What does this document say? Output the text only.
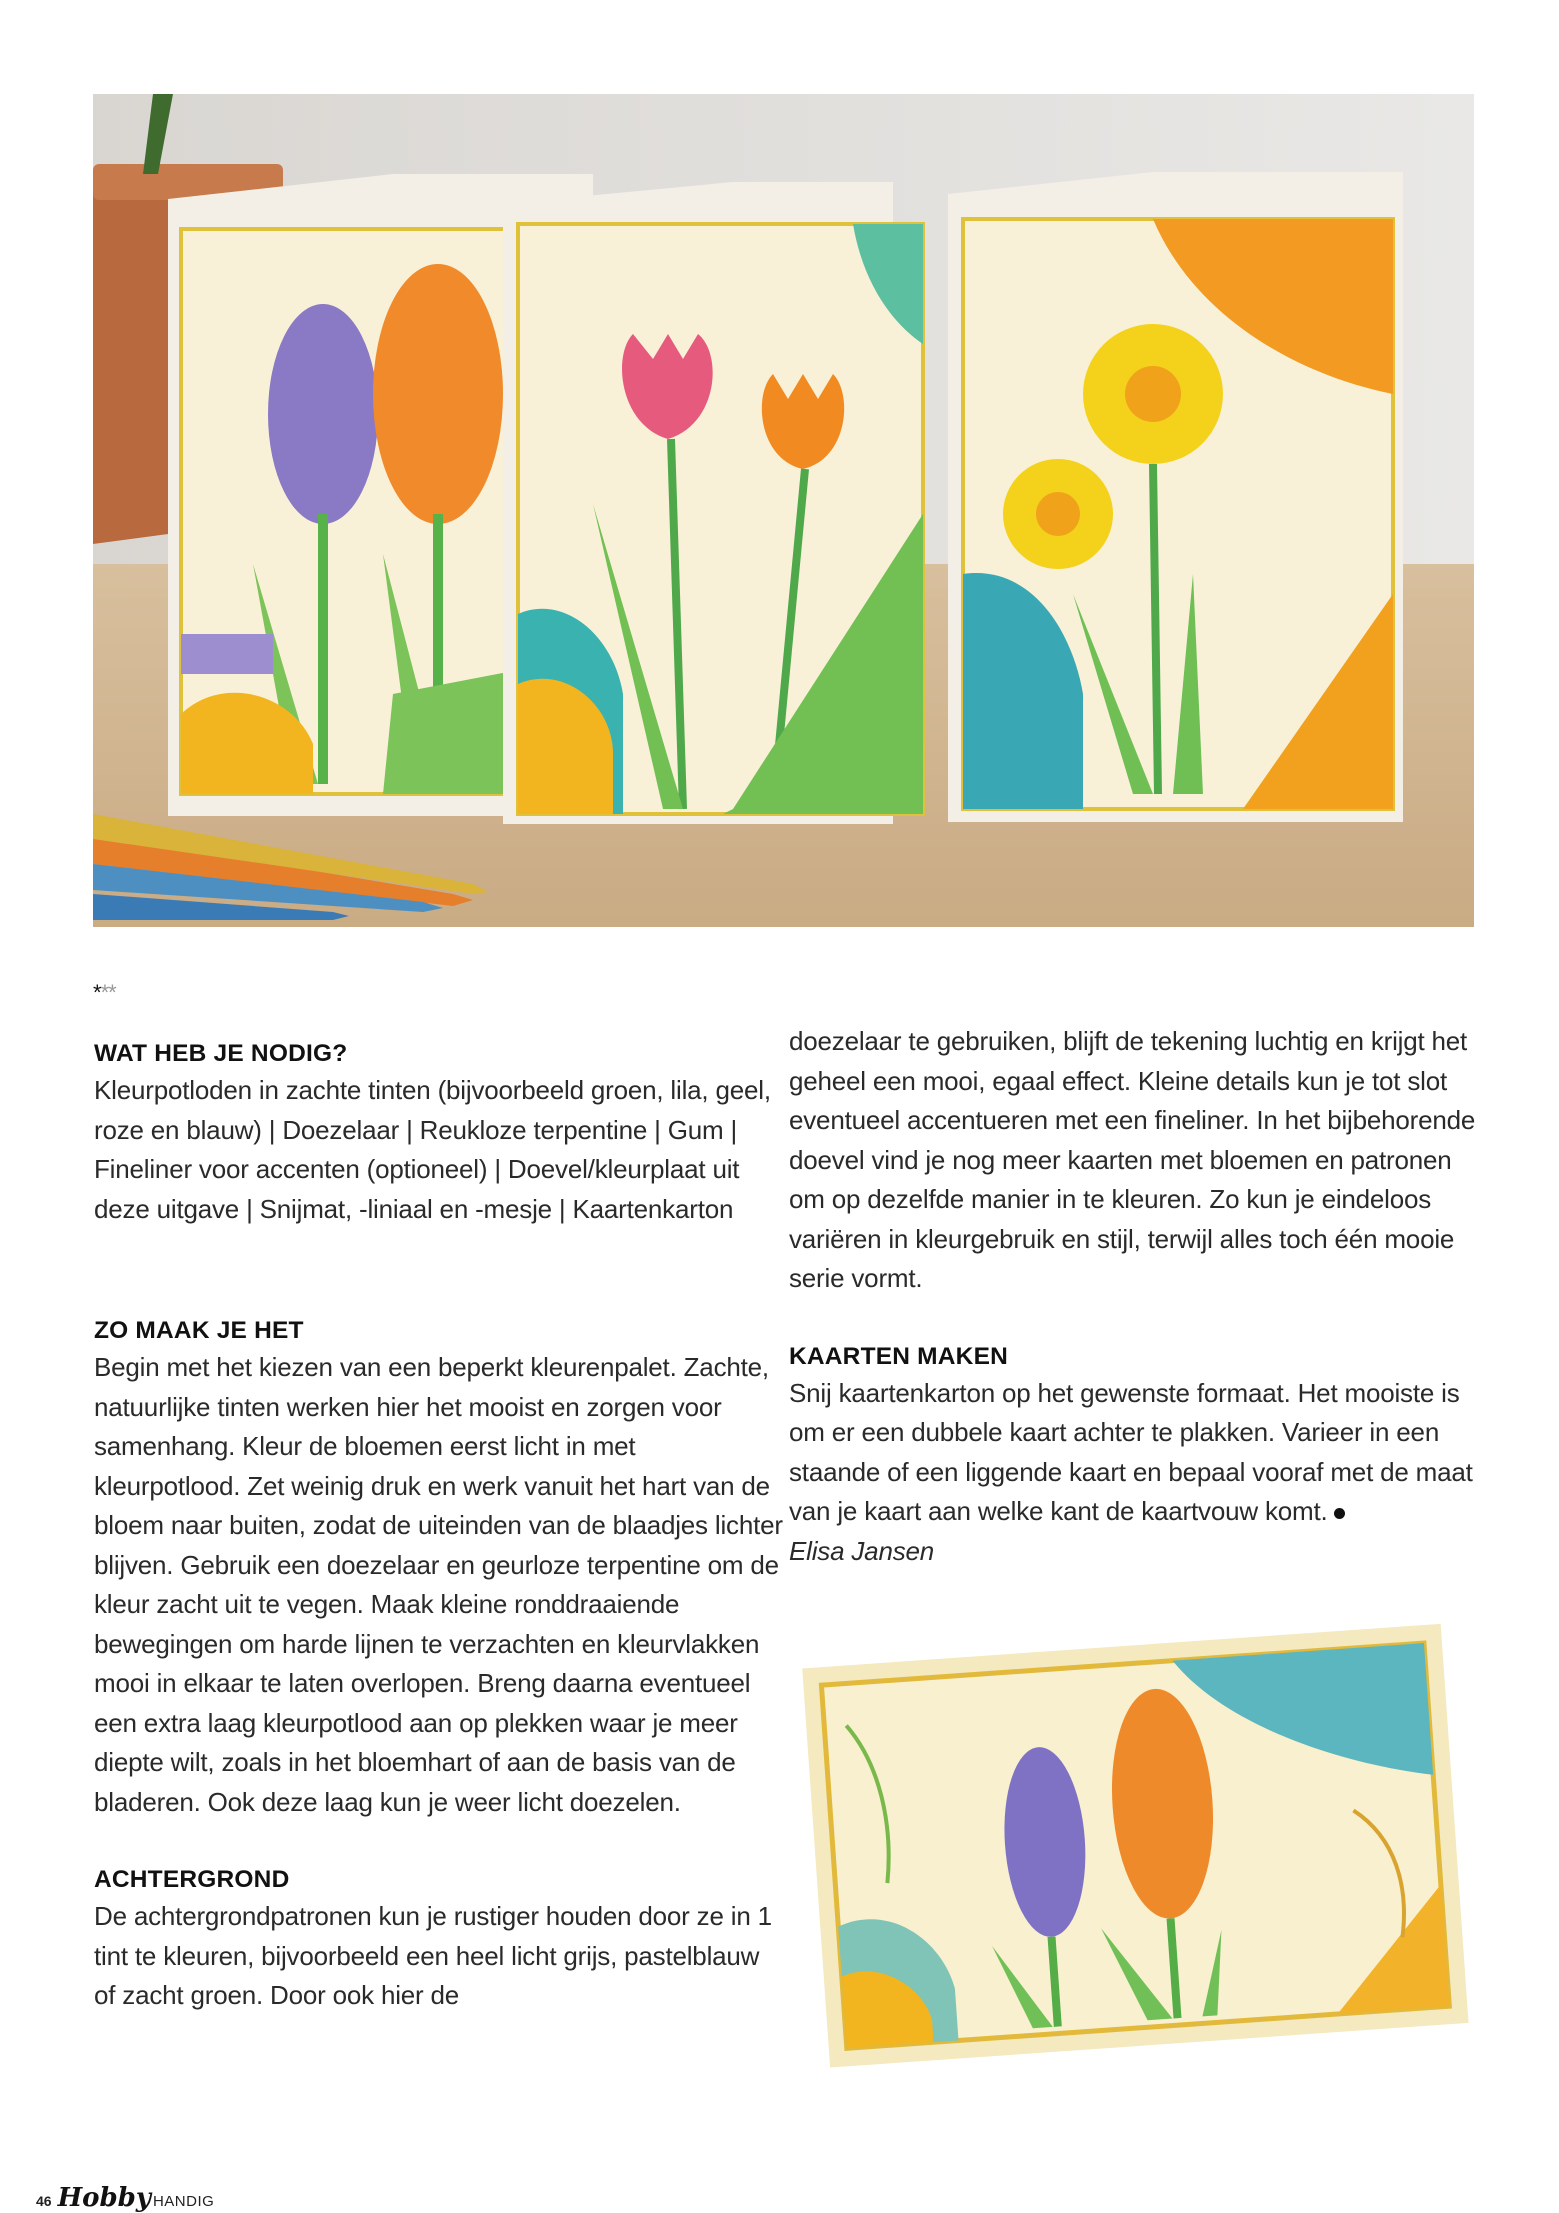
***
WAT HEB JE NODIG?

Kleurpotloden in zachte tinten (bijvoorbeeld groen, lila, geel, roze en blauw) | Doezelaar | Reukloze terpentine | Gum | Fineliner voor accenten (optioneel) | Doevel/kleurplaat uit deze uitgave | Snijmat, -liniaal en -mesje | Kaartenkarton

ZO MAAK JE HET

Begin met het kiezen van een beperkt kleurenpalet. Zachte, natuurlijke tinten werken hier het mooist en zorgen voor samenhang. Kleur de bloemen eerst licht in met kleurpotlood. Zet weinig druk en werk vanuit het hart van de bloem naar buiten, zodat de uiteinden van de blaadjes lichter blijven. Gebruik een doezelaar en geurloze terpentine om de kleur zacht uit te vegen. Maak kleine ronddraaiende bewegingen om harde lijnen te verzachten en kleurvlakken mooi in elkaar te laten overlopen. Breng daarna eventueel een extra laag kleurpotlood aan op plekken waar je meer diepte wilt, zoals in het bloemhart of aan de basis van de bladeren. Ook deze laag kun je weer licht doezelen.

ACHTERGROND

De achtergrondpatronen kun je rustiger houden door ze in 1 tint te kleuren, bijvoorbeeld een heel licht grijs, pastelblauw of zacht groen. Door ook hier de

doezelaar te gebruiken, blijft de tekening luchtig en krijgt het geheel een mooi, egaal effect. Kleine details kun je tot slot eventueel accentueren met een fineliner. In het bijbehorende doevel vind je nog meer kaarten met bloemen en patronen om op dezelfde manier in te kleuren. Zo kun je eindeloos variëren in kleurgebruik en stijl, terwijl alles toch één mooie serie vormt.

KAARTEN MAKEN

Snij kaartenkarton op het gewenste formaat. Het mooiste is om er een dubbele kaart achter te plakken. Varieer in een staande of een liggende kaart en bepaal vooraf met de maat van je kaart aan welke kant de kaartvouw komt.

Elisa Jansen

46 Hobby HANDIG
